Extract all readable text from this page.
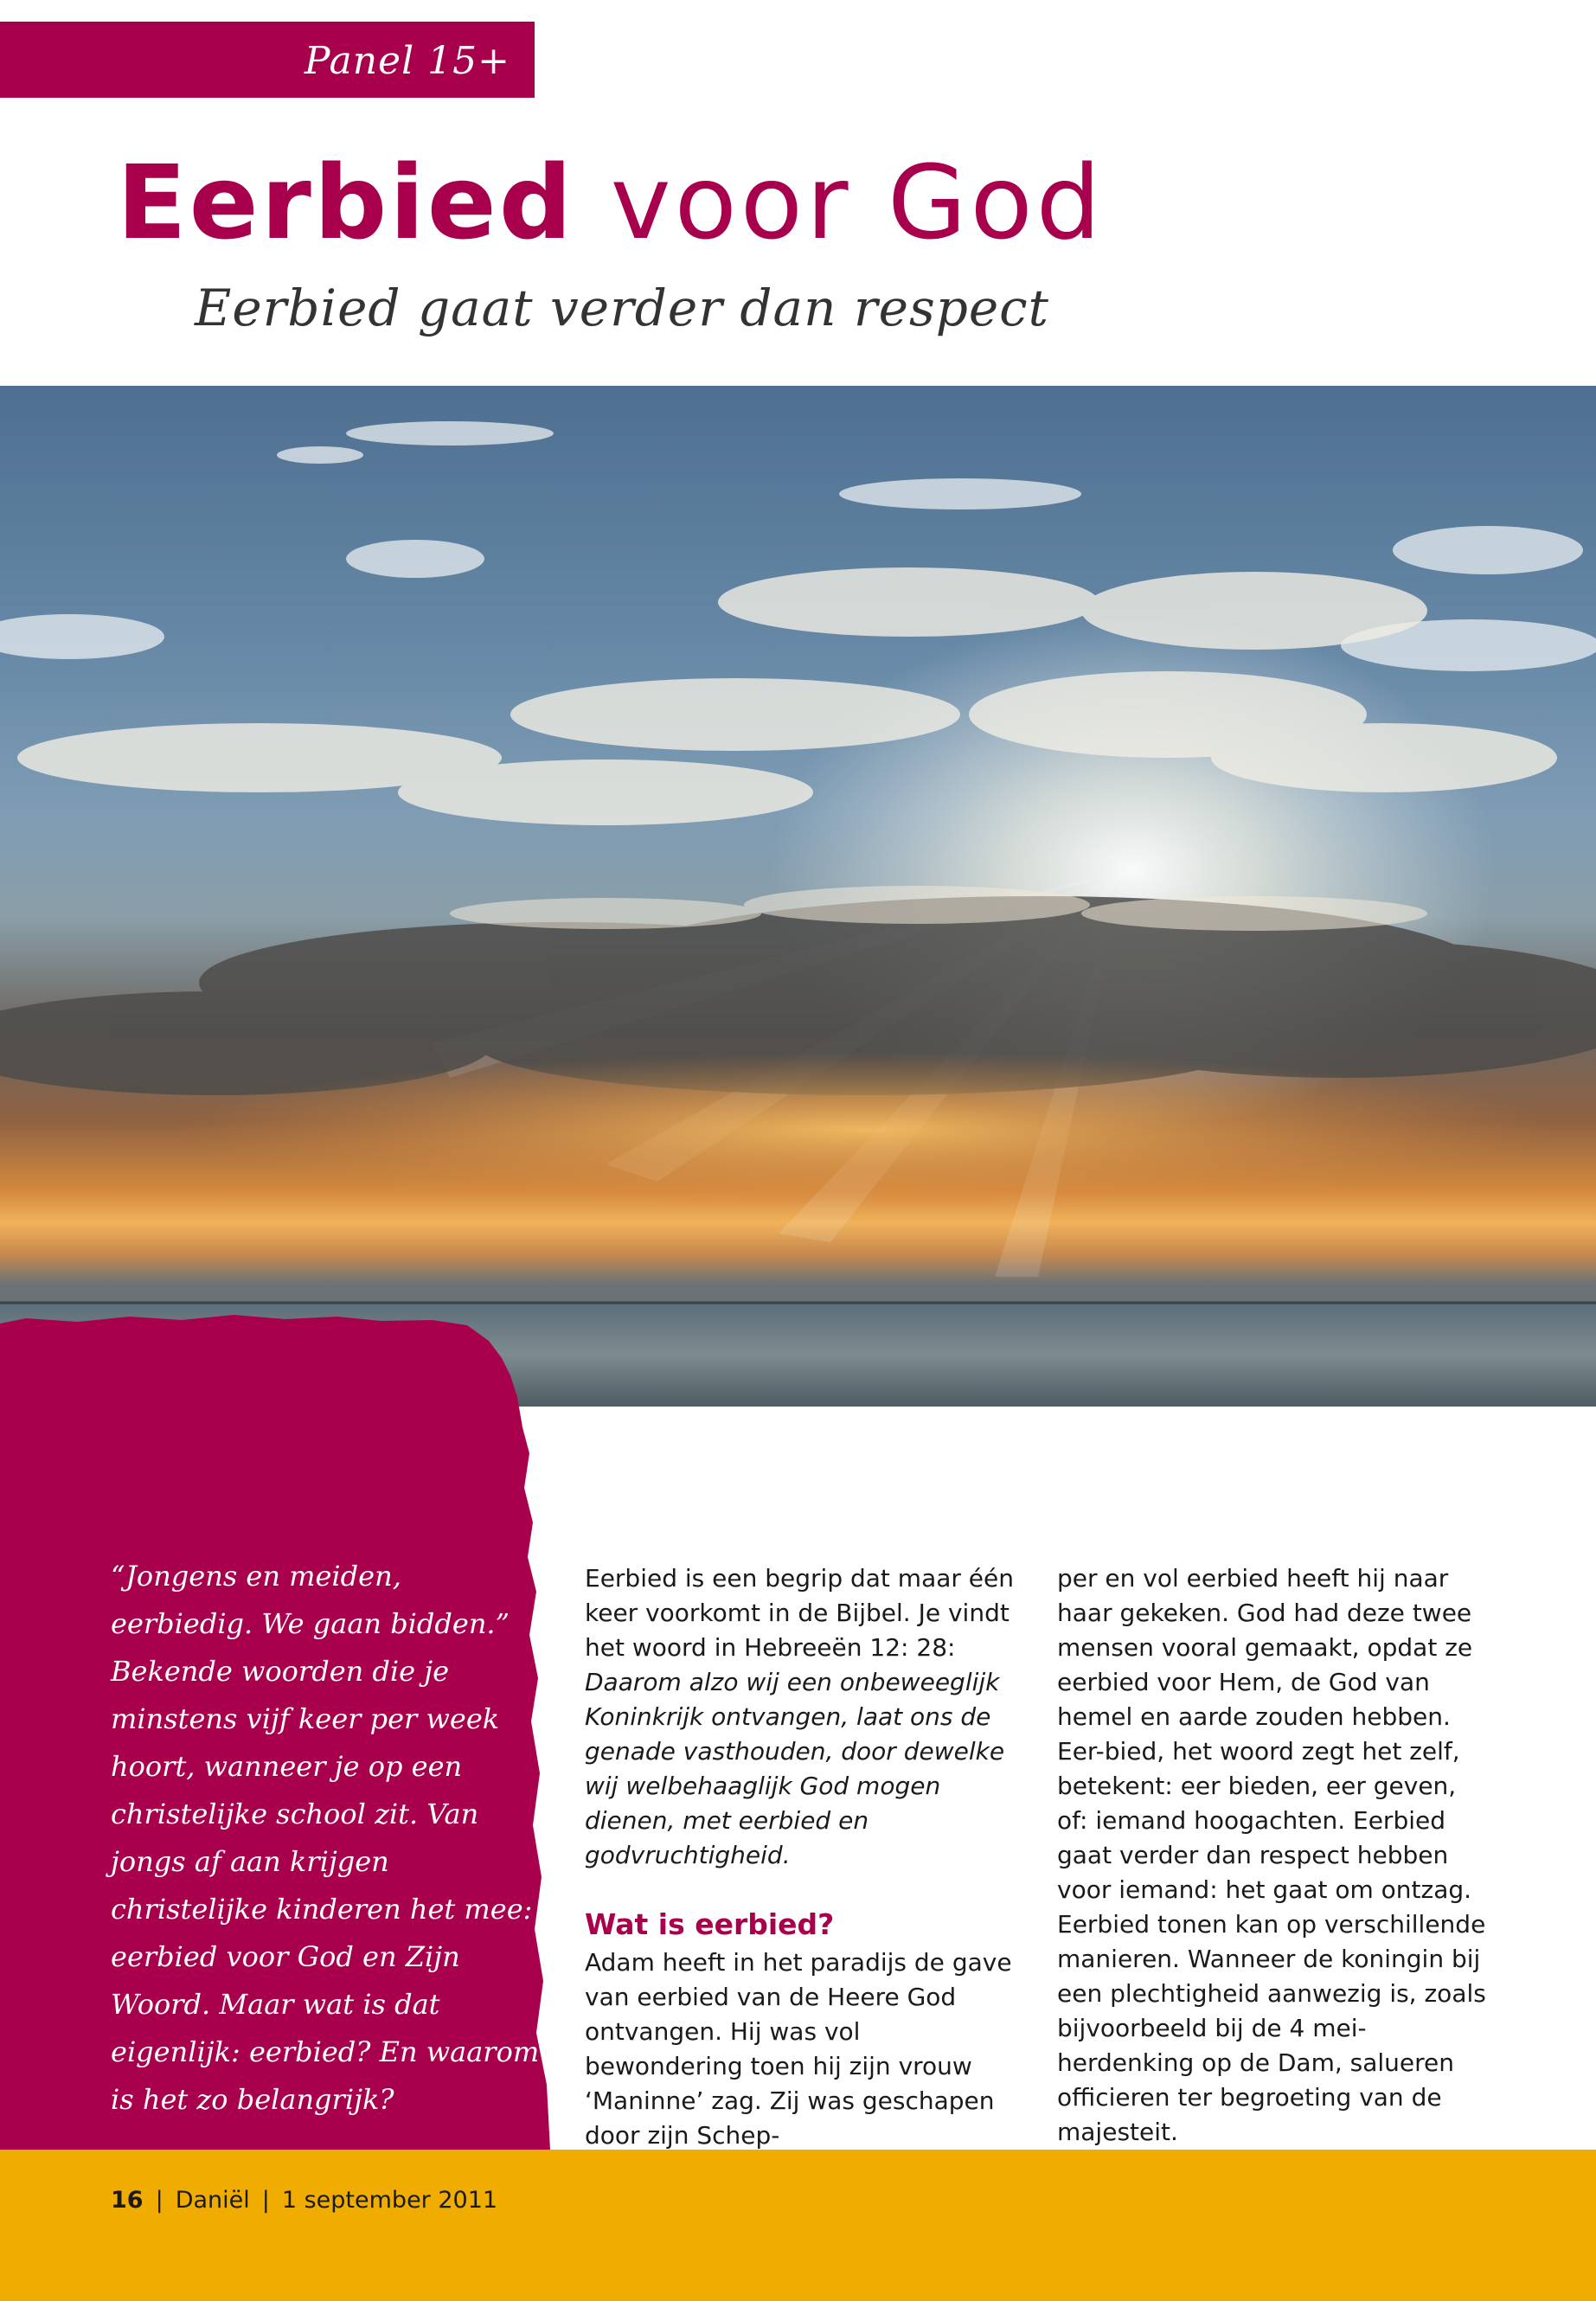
Panel 15+
Eerbied voor God
Eerbied gaat verder dan respect

“Jongens en meiden, eerbiedig. We gaan bidden.” Bekende woorden die je minstens vijf keer per week hoort, wanneer je op een christelijke school zit. Van jongs af aan krijgen christelijke kinderen het mee: eerbied voor God en Zijn Woord. Maar wat is dat eigenlijk: eerbied? En waarom is het zo belangrijk?

Eerbied is een begrip dat maar één keer voorkomt in de Bijbel. Je vindt het woord in Hebreeën 12: 28:

Daarom alzo wij een onbeweeglijk Koninkrijk ontvangen, laat ons de genade vasthouden, door dewelke wij welbehaaglijk God mogen dienen, met eerbied en godvruchtigheid.

Wat is eerbied?

Adam heeft in het paradijs de gave van eerbied van de Heere God ontvangen. Hij was vol bewondering toen hij zijn vrouw ‘Maninne’ zag. Zij was geschapen door zijn Schep-

per en vol eerbied heeft hij naar haar gekeken. God had deze twee mensen vooral gemaakt, opdat ze eerbied voor Hem, de God van hemel en aarde zouden hebben. Eer-bied, het woord zegt het zelf, betekent: eer bieden, eer geven, of: iemand hoogachten. Eerbied gaat verder dan respect hebben voor iemand: het gaat om ontzag. Eerbied tonen kan op verschillende manieren. Wanneer de koningin bij een plechtigheid aanwezig is, zoals bijvoorbeeld bij de 4 mei-herdenking op de Dam, salueren officieren ter begroeting van de majesteit.

16 | Daniël | 1 september 2011
